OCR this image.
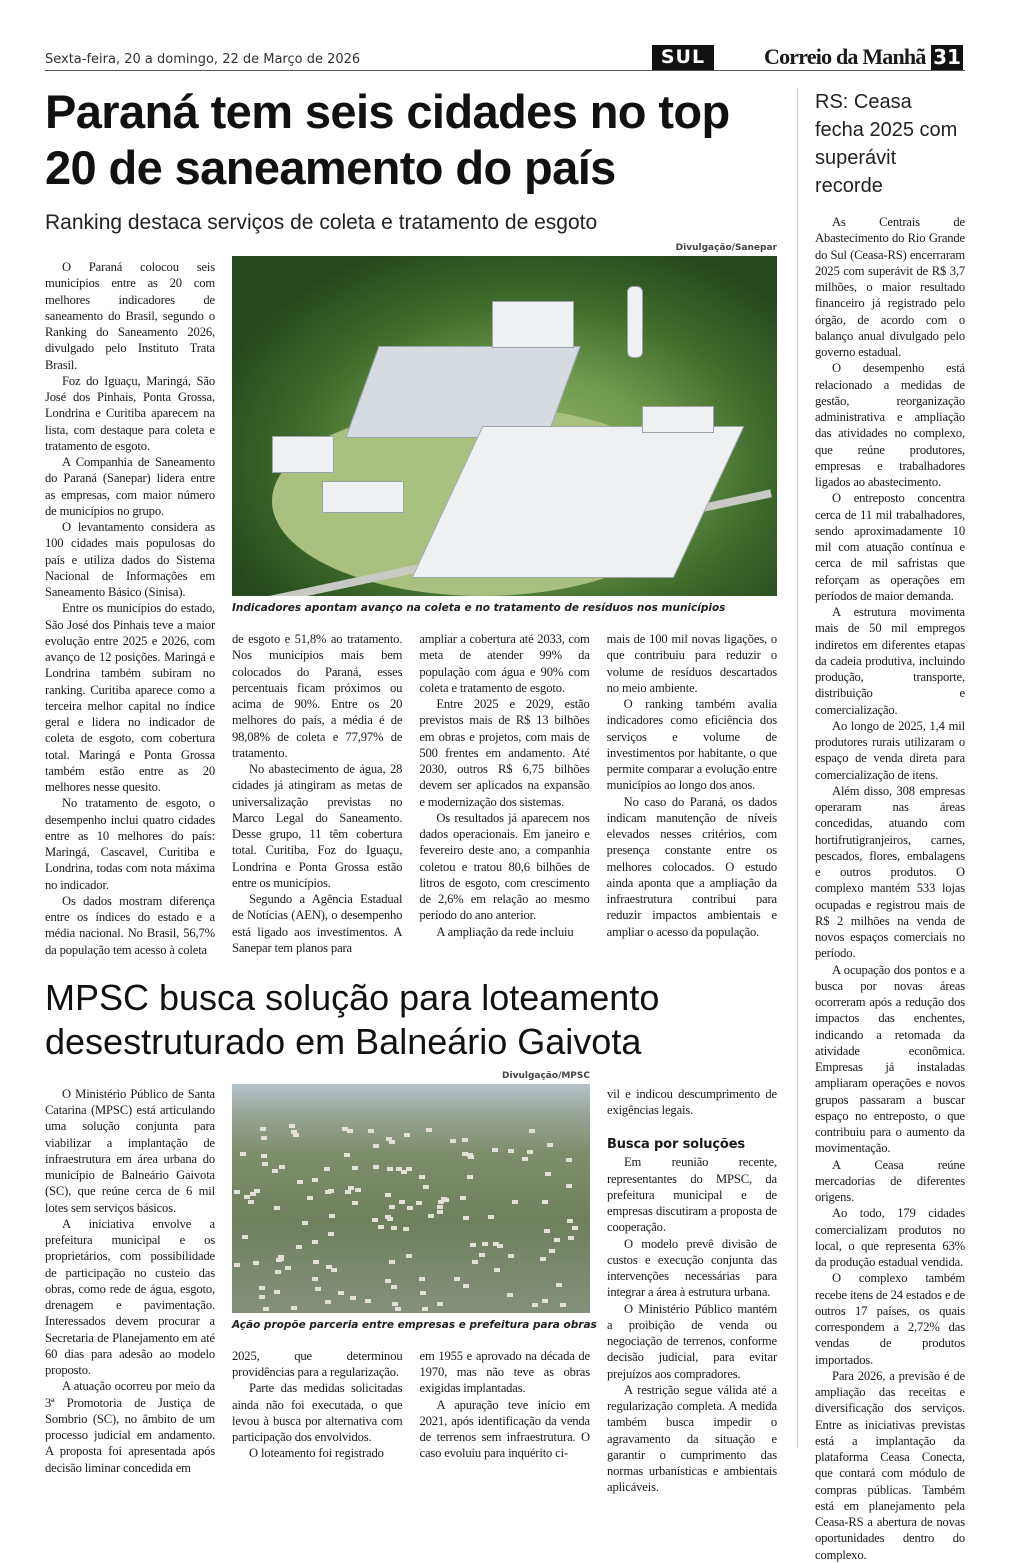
Sexta-feira, 20 a domingo, 22 de Março de 2026	SUL	Correio da Manhã 31
Paraná tem seis cidades no top 20 de saneamento do país
Ranking destaca serviços de coleta e tratamento de esgoto

O Paraná colocou seis municípios entre as 20 com melhores indicadores de saneamento do Brasil, segundo o Ranking do Saneamento 2026, divulgado pelo Instituto Trata Brasil.

Foz do Iguaçu, Maringá, São José dos Pinhais, Ponta Grossa, Londrina e Curitiba aparecem na lista, com destaque para coleta e tratamento de esgoto.

A Companhia de Saneamento do Paraná (Sanepar) lidera entre as empresas, com maior número de municípios no grupo.

O levantamento considera as 100 cidades mais populosas do país e utiliza dados do Sistema Nacional de Informações em Saneamento Básico (Sinisa).

Entre os municípios do estado, São José dos Pinhais teve a maior evolução entre 2025 e 2026, com avanço de 12 posições. Maringá e Londrina também subiram no ranking. Curitiba aparece como a terceira melhor capital no índice geral e lidera no indicador de coleta de esgoto, com cobertura total. Maringá e Ponta Grossa também estão entre as 20 melhores nesse quesito.

No tratamento de esgoto, o desempenho inclui quatro cidades entre as 10 melhores do país: Maringá, Cascavel, Curitiba e Londrina, todas com nota máxima no indicador.

Os dados mostram diferença entre os índices do estado e a média nacional. No Brasil, 56,7% da população tem acesso à coleta

Divulgação/Sanepar
Indicadores apontam avanço na coleta e no tratamento de resíduos nos municípios

de esgoto e 51,8% ao tratamento. Nos municípios mais bem colocados do Paraná, esses percentuais ficam próximos ou acima de 90%. Entre os 20 melhores do país, a média é de 98,08% de coleta e 77,97% de tratamento.

No abastecimento de água, 28 cidades já atingiram as metas de universalização previstas no Marco Legal do Saneamento. Desse grupo, 11 têm cobertura total. Curitiba, Foz do Iguaçu, Londrina e Ponta Grossa estão entre os municípios.

Segundo a Agência Estadual de Notícias (AEN), o desempenho está ligado aos investimentos. A Sanepar tem planos para

ampliar a cobertura até 2033, com meta de atender 99% da população com água e 90% com coleta e tratamento de esgoto.

Entre 2025 e 2029, estão previstos mais de R$ 13 bilhões em obras e projetos, com mais de 500 frentes em andamento. Até 2030, outros R$ 6,75 bilhões devem ser aplicados na expansão e modernização dos sistemas.

Os resultados já aparecem nos dados operacionais. Em janeiro e fevereiro deste ano, a companhia coletou e tratou 80,6 bilhões de litros de esgoto, com crescimento de 2,6% em relação ao mesmo período do ano anterior.

A ampliação da rede incluiu

mais de 100 mil novas ligações, o que contribuiu para reduzir o volume de resíduos descartados no meio ambiente.

O ranking também avalia indicadores como eficiência dos serviços e volume de investimentos por habitante, o que permite comparar a evolução entre municípios ao longo dos anos.

No caso do Paraná, os dados indicam manutenção de níveis elevados nesses critérios, com presença constante entre os melhores colocados. O estudo ainda aponta que a ampliação da infraestrutura contribui para reduzir impactos ambientais e ampliar o acesso da população.

MPSC busca solução para loteamento desestruturado em Balneário Gaivota

O Ministério Público de Santa Catarina (MPSC) está articulando uma solução conjunta para viabilizar a implantação de infraestrutura em área urbana do município de Balneário Gaivota (SC), que reúne cerca de 6 mil lotes sem serviços básicos.

A iniciativa envolve a prefeitura municipal e os proprietários, com possibilidade de participação no custeio das obras, como rede de água, esgoto, drenagem e pavimentação. Interessados devem procurar a Secretaria de Planejamento em até 60 dias para adesão ao modelo proposto.

A atuação ocorreu por meio da 3ª Promotoria de Justiça de Sombrio (SC), no âmbito de um processo judicial em andamento. A proposta foi apresentada após decisão liminar concedida em

Divulgação/MPSC
Ação propõe parceria entre empresas e prefeitura para obras

2025, que determinou providências para a regularização.

Parte das medidas solicitadas ainda não foi executada, o que levou à busca por alternativa com participação dos envolvidos.

O loteamento foi registrado

em 1955 e aprovado na década de 1970, mas não teve as obras exigidas implantadas.

A apuração teve início em 2021, após identificação da venda de terrenos sem infraestrutura. O caso evoluiu para inquérito ci-

vil e indicou descumprimento de exigências legais.

Busca por soluções

Em reunião recente, representantes do MPSC, da prefeitura municipal e de empresas discutiram a proposta de cooperação.

O modelo prevê divisão de custos e execução conjunta das intervenções necessárias para integrar a área à estrutura urbana.

O Ministério Público mantém a proibição de venda ou negociação de terrenos, conforme decisão judicial, para evitar prejuízos aos compradores.

A restrição segue válida até a regularização completa. A medida também busca impedir o agravamento da situação e garantir o cumprimento das normas urbanísticas e ambientais aplicáveis.

RS: Ceasa fecha 2025 com superávit recorde

As Centrais de Abastecimento do Rio Grande do Sul (Ceasa-RS) encerraram 2025 com superávit de R$ 3,7 milhões, o maior resultado financeiro já registrado pelo órgão, de acordo com o balanço anual divulgado pelo governo estadual.

O desempenho está relacionado a medidas de gestão, reorganização administrativa e ampliação das atividades no complexo, que reúne produtores, empresas e trabalhadores ligados ao abastecimento.

O entreposto concentra cerca de 11 mil trabalhadores, sendo aproximadamente 10 mil com atuação contínua e cerca de mil safristas que reforçam as operações em períodos de maior demanda.

A estrutura movimenta mais de 50 mil empregos indiretos em diferentes etapas da cadeia produtiva, incluindo produção, transporte, distribuição e comercialização.

Ao longo de 2025, 1,4 mil produtores rurais utilizaram o espaço de venda direta para comercialização de itens.

Além disso, 308 empresas operaram nas áreas concedidas, atuando com hortifrutigranjeiros, carnes, pescados, flores, embalagens e outros produtos. O complexo mantém 533 lojas ocupadas e registrou mais de R$ 2 milhões na venda de novos espaços comerciais no período.

A ocupação dos pontos e a busca por novas áreas ocorreram após a redução dos impactos das enchentes, indicando a retomada da atividade econômica. Empresas já instaladas ampliaram operações e novos grupos passaram a buscar espaço no entreposto, o que contribuiu para o aumento da movimentação.

A Ceasa reúne mercadorias de diferentes origens.

Ao todo, 179 cidades comercializam produtos no local, o que representa 63% da produção estadual vendida.

O complexo também recebe itens de 24 estados e de outros 17 países, os quais correspondem a 2,72% das vendas de produtos importados.

Para 2026, a previsão é de ampliação das receitas e diversificação dos serviços. Entre as iniciativas previstas está a implantação da plataforma Ceasa Conecta, que contará com módulo de compras públicas. Também está em planejamento pela Ceasa-RS a abertura de novas oportunidades dentro do complexo.
